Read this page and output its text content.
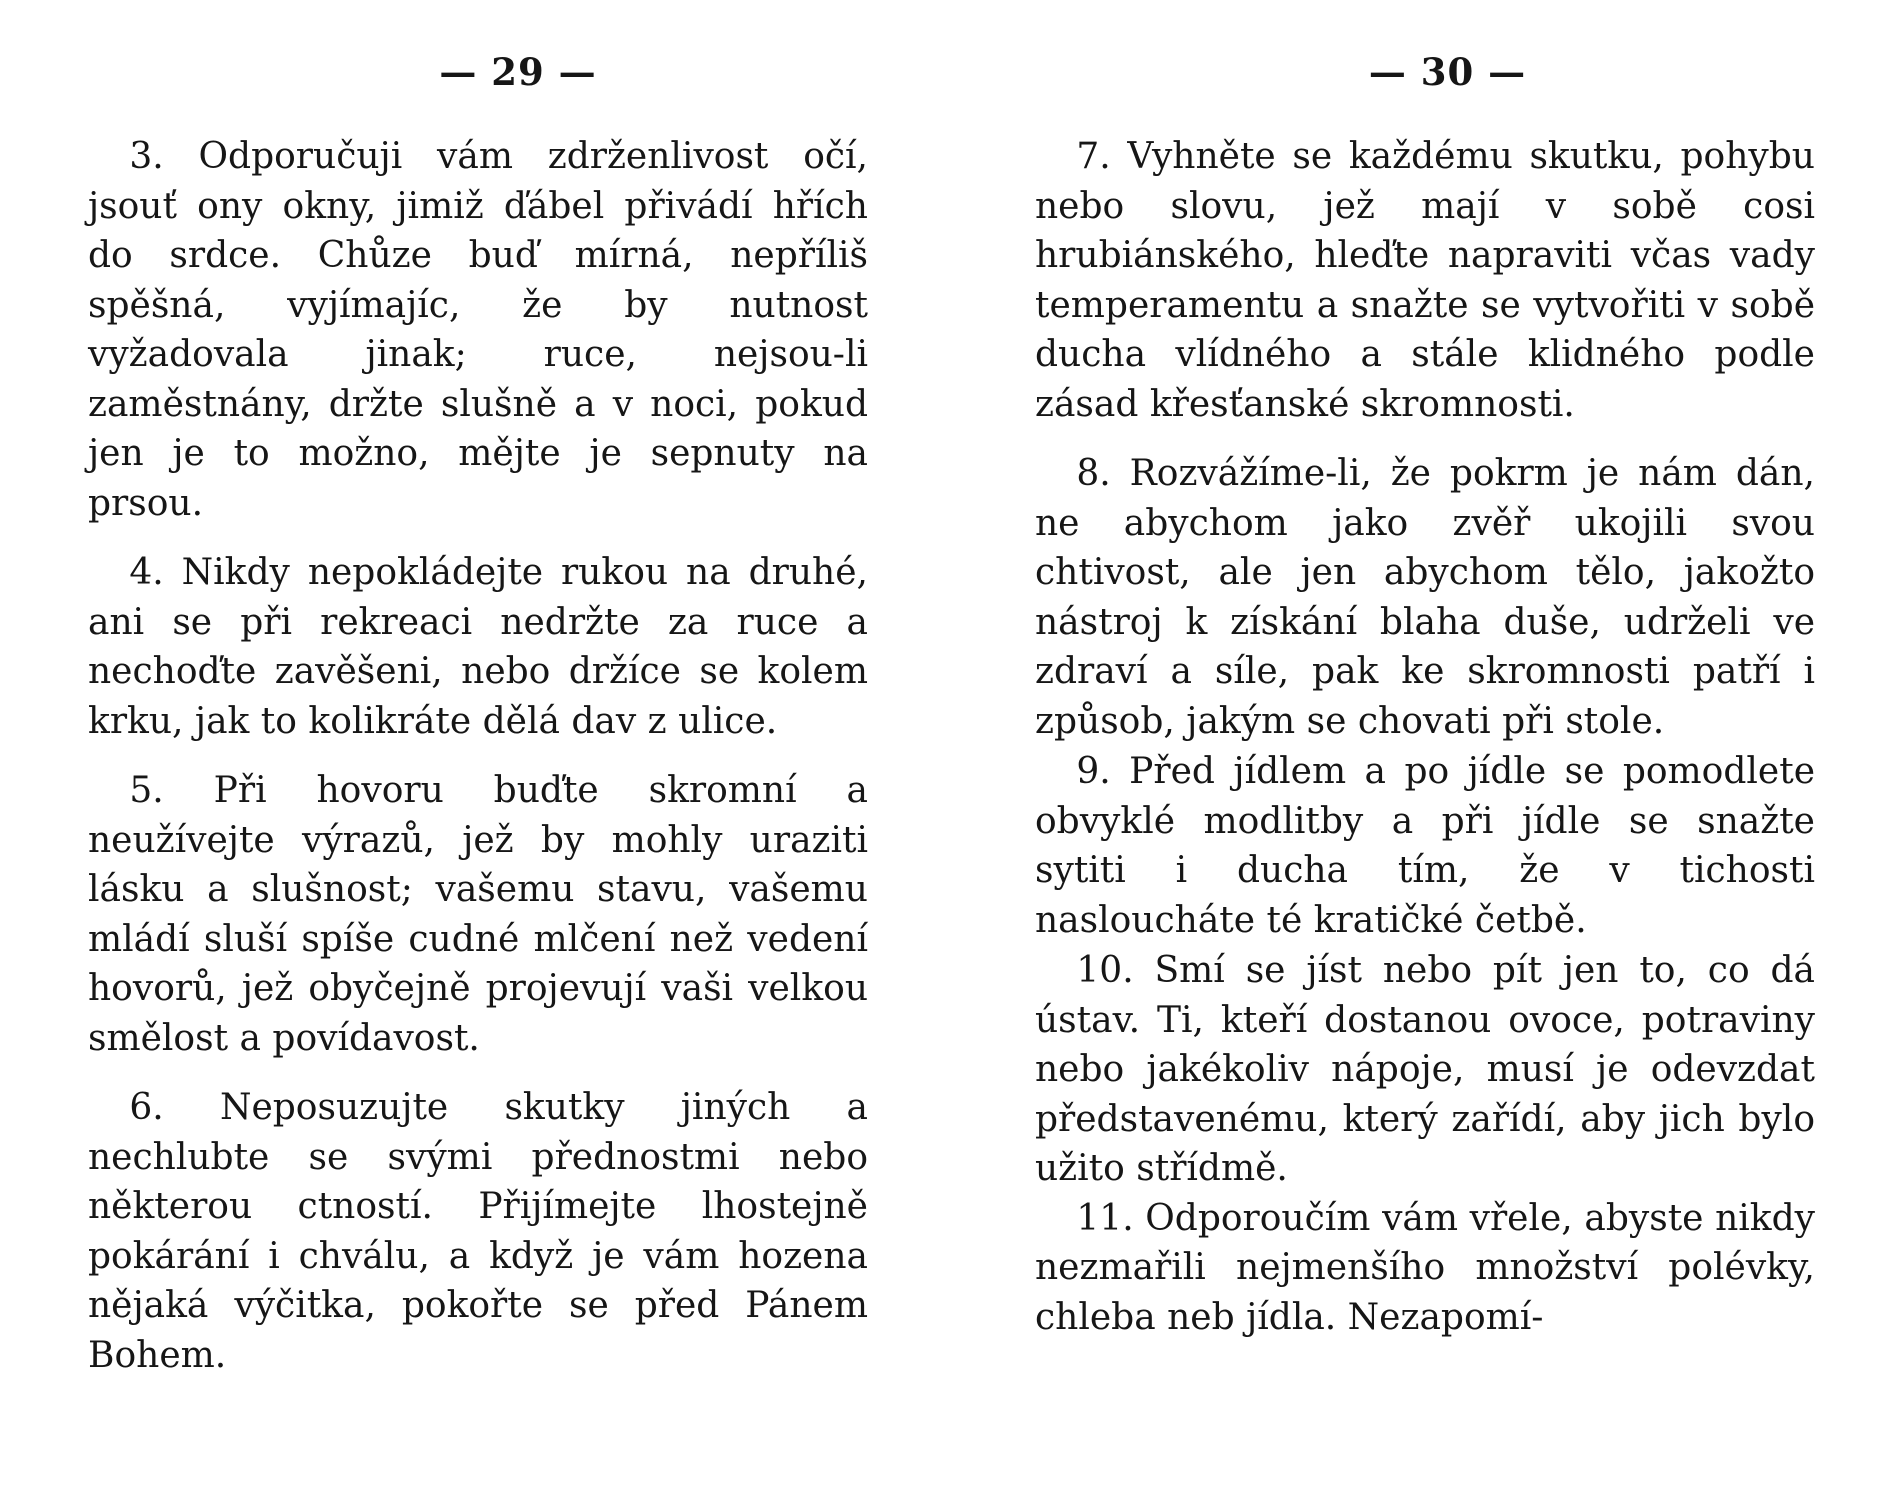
— 29 —

3. Odporučuji vám zdrženlivost očí, jsouť ony okny, jimiž ďábel přivádí hřích do srdce. Chůze buď mírná, nepříliš spěšná, vyjímajíc, že by nutnost vyžadovala jinak; ruce, nejsou-li zaměstnány, držte slušně a v noci, pokud jen je to možno, mějte je sepnuty na prsou.

4. Nikdy nepokládejte rukou na druhé, ani se při rekreaci nedržte za ruce a nechoďte zavěšeni, nebo držíce se kolem krku, jak to kolikráte dělá dav z ulice.

5. Při hovoru buďte skromní a neužívejte výrazů, jež by mohly uraziti lásku a slušnost; vašemu stavu, vašemu mládí sluší spíše cudné mlčení než vedení hovorů, jež obyčejně projevují vaši velkou smělost a povídavost.

6. Neposuzujte skutky jiných a nechlubte se svými přednostmi nebo některou ctností. Přijímejte lhostejně pokárání i chválu, a když je vám hozena nějaká výčitka, pokořte se před Pánem Bohem.

— 30 —

7. Vyhněte se každému skutku, pohybu nebo slovu, jež mají v sobě cosi hrubiánského, hleďte napraviti včas vady temperamentu a snažte se vytvořiti v sobě ducha vlídného a stále klidného podle zásad křesťanské skromnosti.

8. Rozvážíme-li, že pokrm je nám dán, ne abychom jako zvěř ukojili svou chtivost, ale jen abychom tělo, jakožto nástroj k získání blaha duše, udrželi ve zdraví a síle, pak ke skromnosti patří i způsob, jakým se chovati při stole.

9. Před jídlem a po jídle se pomodlete obvyklé modlitby a při jídle se snažte sytiti i ducha tím, že v tichosti nasloucháte té kratičké četbě.

10. Smí se jíst nebo pít jen to, co dá ústav. Ti, kteří dostanou ovoce, potraviny nebo jakékoliv nápoje, musí je odevzdat představenému, který zařídí, aby jich bylo užito střídmě.

11. Odporoučím vám vřele, abyste nikdy nezmařili nejmenšího množství polévky, chleba neb jídla. Nezapomí-
